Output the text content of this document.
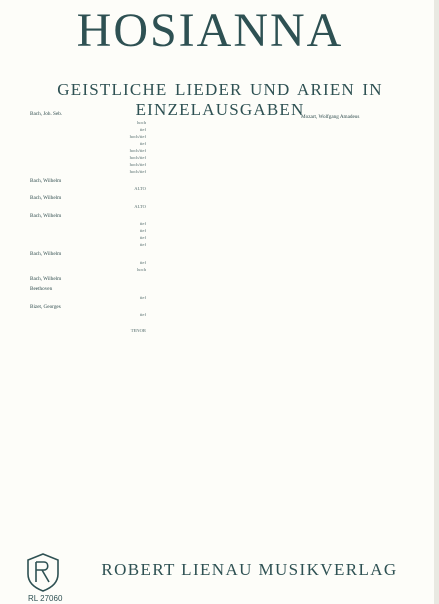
HOSIANNA
GEISTLICHE LIEDER UND ARIEN IN EINZELAUSGABEN
Bach, Joh. Seb.
hoch
tief
hoch/tief
tief
hoch/tief
hoch/tief
hoch/tief
hoch/tief
Bach, Wilhelm
ALTO
Bach, Wilhelm
ALTO
Bach, Wilhelm
tief
tief
tief
tief
Bach, Wilhelm
tief
hoch
Bach, Wilhelm
Beethoven
tief
Bizet, Georges
tief
TENOR
Mozart, Wolfgang Amadeus
ROBERT LIENAU MUSIKVERLAG
RL 27060
